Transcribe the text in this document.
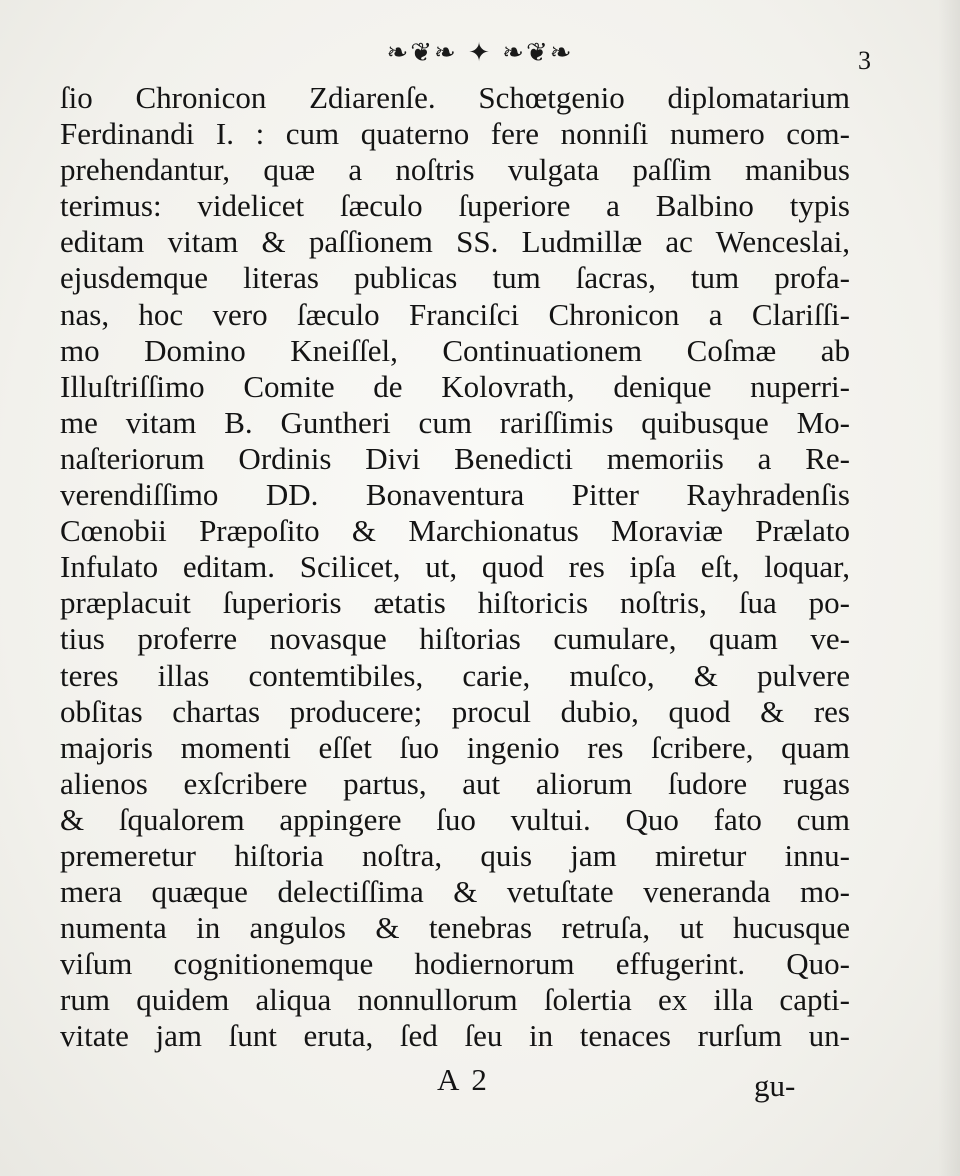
❧❦❧ ✦ ❧❦❧	3
ſio Chronicon Zdiarenſe. Schœtgenio diplomatarium
Ferdinandi I. : cum quaterno fere nonniſi numero com-
prehendantur, quæ a noſtris vulgata paſſim manibus
terimus: videlicet ſæculo ſuperiore a Balbino typis
editam vitam & paſſionem SS. Ludmillæ ac Wenceslai,
ejusdemque literas publicas tum ſacras, tum profa-
nas, hoc vero ſæculo Franciſci Chronicon a Clariſſi-
mo Domino Kneiſſel, Continuationem Coſmæ ab
Illuſtriſſimo Comite de Kolovrath, denique nuperri-
me vitam B. Guntheri cum rariſſimis quibusque Mo-
naſteriorum Ordinis Divi Benedicti memoriis a Re-
verendiſſimo DD. Bonaventura Pitter Rayhradenſis
Cœnobii Præpoſito & Marchionatus Moraviæ Prælato
Infulato editam. Scilicet, ut, quod res ipſa eſt, loquar,
præplacuit ſuperioris ætatis hiſtoricis noſtris, ſua po-
tius proferre novasque hiſtorias cumulare, quam ve-
teres illas contemtibiles, carie, muſco, & pulvere
obſitas chartas producere; procul dubio, quod & res
majoris momenti eſſet ſuo ingenio res ſcribere, quam
alienos exſcribere partus, aut aliorum ſudore rugas
& ſqualorem appingere ſuo vultui. Quo fato cum
premeretur hiſtoria noſtra, quis jam miretur innu-
mera quæque delectiſſima & vetuſtate veneranda mo-
numenta in angulos & tenebras retruſa, ut hucusque
viſum cognitionemque hodiernorum effugerint. Quo-
rum quidem aliqua nonnullorum ſolertia ex illa capti-
vitate jam ſunt eruta, ſed ſeu in tenaces rurſum un-
A 2	gu-
